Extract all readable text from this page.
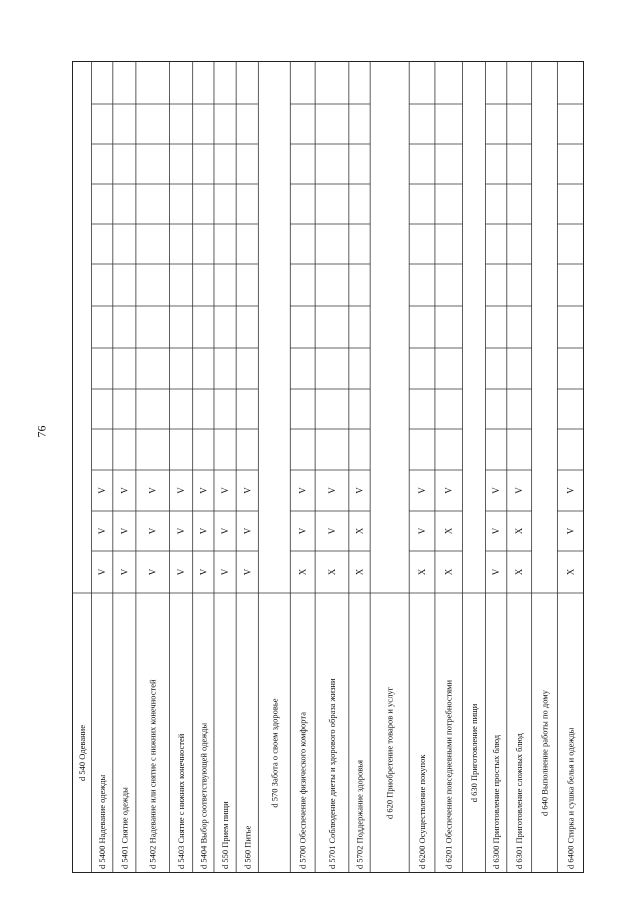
76
d 540 Одевание
d 5400 Надевание одежды
V
V
V
d 5401 Снятие одежды
V
V
V
d 5402 Надевание или снятие с нижних конечностей
V
V
V
d 5403 Снятие с нижних конечностей
V
V
V
d 5404 Выбор соответствующей одежды
V
V
V
d 550 Прием пищи
V
V
V
d 560 Питье
V
V
V
d 570 Забота о своем здоровье d 5700 Обеспечение физического комфорта
X
V
V
d 5701 Соблюдение диеты и здорового образа жизни
X
V
V
d 5702 Поддержание здоровья
X
X
V
d 620 Приобретение товаров и услуг	d 6200 Осуществление покупок
X
V
V
d 6201 Обеспечение повседневными потребностями
X
X
V
d 630 Приготовление пищи d 6300 Приготовление простых блюд
V
V
V
d 6301 Приготовление сложных блюд
X
X
V
d 640 Выполнение работы по дому d 6400 Стирка и сушка белья и одежды
X
V
V
